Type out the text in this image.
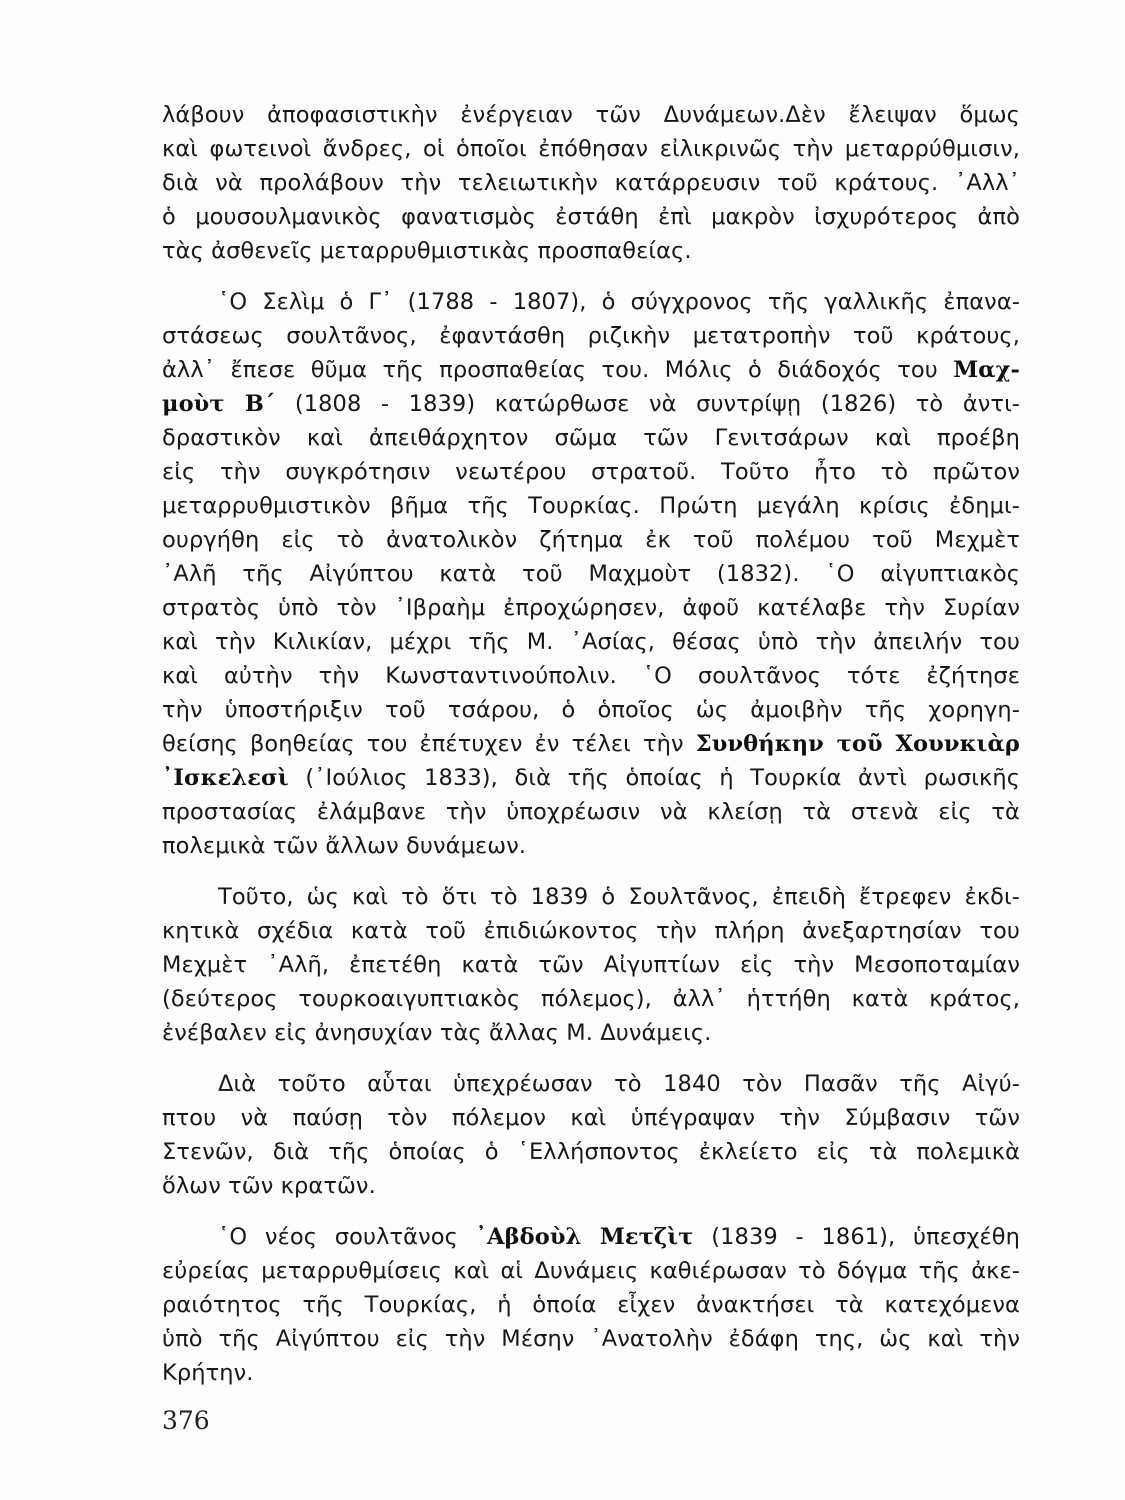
λάβουν ἀποφασιστικὴν ἐνέργειαν τῶν Δυνάμεων.Δὲν ἔλειψαν ὅμως
καὶ φωτεινοὶ ἄνδρες, οἱ ὁποῖοι ἐπόθησαν εἰλικρινῶς τὴν μεταρρύθμισιν,
διὰ νὰ προλάβουν τὴν τελειωτικὴν κατάρρευσιν τοῦ κράτους. ᾿Αλλ᾿
ὁ μουσουλμανικὸς φανατισμὸς ἐστάθη ἐπὶ μακρὸν ἰσχυρότερος ἀπὸ
τὰς ἀσθενεῖς μεταρρυθμιστικὰς προσπαθείας.
῾Ο Σελὶμ ὁ Γ᾿ (1788 - 1807), ὁ σύγχρονος τῆς γαλλικῆς ἐπανα-
στάσεως σουλτᾶνος, ἐφαντάσθη ριζικὴν μετατροπὴν τοῦ κράτους,
ἀλλ᾿ ἔπεσε θῦμα τῆς προσπαθείας του. Μόλις ὁ διάδοχός του Μαχ-
μοὺτ Β΄ (1808 - 1839) κατώρθωσε νὰ συντρίψῃ (1826) τὸ ἀντι-
δραστικὸν καὶ ἀπειθάρχητον σῶμα τῶν Γενιτσάρων καὶ προέβη
εἰς τὴν συγκρότησιν νεωτέρου στρατοῦ. Τοῦτο ἦτο τὸ πρῶτον
μεταρρυθμιστικὸν βῆμα τῆς Τουρκίας. Πρώτη μεγάλη κρίσις ἐδημι-
ουργήθη εἰς τὸ ἀνατολικὸν ζήτημα ἐκ τοῦ πολέμου τοῦ Μεχμὲτ
᾿Αλῆ τῆς Αἰγύπτου κατὰ τοῦ Μαχμοὺτ (1832). ῾Ο αἰγυπτιακὸς
στρατὸς ὑπὸ τὸν ᾿Ιβραὴμ ἐπροχώρησεν, ἀφοῦ κατέλαβε τὴν Συρίαν
καὶ τὴν Κιλικίαν, μέχρι τῆς Μ. ᾿Ασίας, θέσας ὑπὸ τὴν ἀπειλήν του
καὶ αὐτὴν τὴν Κωνσταντινούπολιν. ῾Ο σουλτᾶνος τότε ἐζήτησε
τὴν ὑποστήριξιν τοῦ τσάρου, ὁ ὁποῖος ὡς ἀμοιβὴν τῆς χορηγη-
θείσης βοηθείας του ἐπέτυχεν ἐν τέλει τὴν Συνθήκην τοῦ Χουνκιὰρ
᾿Ισκελεσὶ (᾿Ιούλιος 1833), διὰ τῆς ὁποίας ἡ Τουρκία ἀντὶ ρωσικῆς
προστασίας ἐλάμβανε τὴν ὑποχρέωσιν νὰ κλείσῃ τὰ στενὰ εἰς τὰ
πολεμικὰ τῶν ἄλλων δυνάμεων.
Τοῦτο, ὡς καὶ τὸ ὅτι τὸ 1839 ὁ Σουλτᾶνος, ἐπειδὴ ἔτρεφεν ἐκδι-
κητικὰ σχέδια κατὰ τοῦ ἐπιδιώκοντος τὴν πλήρη ἀνεξαρτησίαν του
Μεχμὲτ ᾿Αλῆ, ἐπετέθη κατὰ τῶν Αἰγυπτίων εἰς τὴν Μεσοποταμίαν
(δεύτερος τουρκοαιγυπτιακὸς πόλεμος), ἀλλ᾿ ἡττήθη κατὰ κράτος,
ἐνέβαλεν εἰς ἀνησυχίαν τὰς ἄλλας Μ. Δυνάμεις.
Διὰ τοῦτο αὗται ὑπεχρέωσαν τὸ 1840 τὸν Πασᾶν τῆς Αἰγύ-
πτου νὰ παύσῃ τὸν πόλεμον καὶ ὑπέγραψαν τὴν Σύμβασιν τῶν
Στενῶν, διὰ τῆς ὁποίας ὁ ῾Ελλήσποντος ἐκλείετο εἰς τὰ πολεμικὰ
ὅλων τῶν κρατῶν.
῾Ο νέος σουλτᾶνος ᾿Αβδοὺλ Μετζὶτ (1839 - 1861), ὑπεσχέθη
εὐρείας μεταρρυθμίσεις καὶ αἱ Δυνάμεις καθιέρωσαν τὸ δόγμα τῆς ἀκε-
ραιότητος τῆς Τουρκίας, ἡ ὁποία εἶχεν ἀνακτήσει τὰ κατεχόμενα
ὑπὸ τῆς Αἰγύπτου εἰς τὴν Μέσην ᾿Ανατολὴν ἐδάφη της, ὡς καὶ τὴν
Κρήτην.
376
